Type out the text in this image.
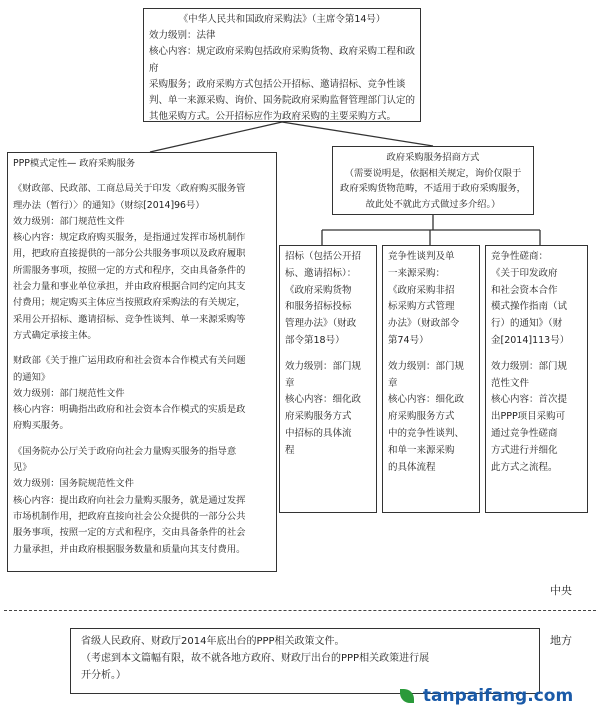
《中华人民共和国政府采购法》（主席令第14号）
效力级别：法律
核心内容：规定政府采购包括政府采购货物、政府采购工程和政府
采购服务；政府采购方式包括公开招标、邀请招标、竞争性谈
判、单一来源采购、询价、国务院政府采购监督管理部门认定的
其他采购方式。公开招标应作为政府采购的主要采购方式。
PPP模式定性— 政府采购服务
《财政部、民政部、工商总局关于印发〈政府购买服务管
理办法（暂行）〉的通知》（财综[2014]96号）
效力级别：部门规范性文件
核心内容：规定政府购买服务，是指通过发挥市场机制作
用，把政府直接提供的一部分公共服务事项以及政府履职
所需服务事项，按照一定的方式和程序，交由具备条件的
社会力量和事业单位承担，并由政府根据合同约定向其支
付费用；规定购买主体应当按照政府采购法的有关规定，
采用公开招标、邀请招标、竞争性谈判、单一来源采购等
方式确定承接主体。
财政部《关于推广运用政府和社会资本合作模式有关问题
的通知》
效力级别：部门规范性文件
核心内容：明确指出政府和社会资本合作模式的实质是政
府购买服务。
《国务院办公厅关于政府向社会力量购买服务的指导意
见》
效力级别：国务院规范性文件
核心内容：提出政府向社会力量购买服务，就是通过发挥
市场机制作用，把政府直接向社会公众提供的一部分公共
服务事项，按照一定的方式和程序，交由具备条件的社会
力量承担，并由政府根据服务数量和质量向其支付费用。
政府采购服务招商方式
（需要说明是，依据相关规定，询价仅限于
政府采购货物范畴，不适用于政府采购服务，
故此处不就此方式做过多介绍。）
招标（包括公开招
标、邀请招标）：
《政府采购货物
和服务招标投标
管理办法》（财政
部令第18号）
效力级别：部门规
章
核心内容：细化政
府采购服务方式
中招标的具体流
程
竞争性谈判及单
一来源采购：
《政府采购非招
标采购方式管理
办法》（财政部令
第74号）
效力级别：部门规
章
核心内容：细化政
府采购服务方式
中的竞争性谈判、
和单一来源采购
的具体流程
竞争性磋商：
《关于印发政府
和社会资本合作
模式操作指南（试
行）的通知》（财
金[2014]113号）
效力级别：部门规
范性文件
核心内容：首次提
出PPP项目采购可
通过竞争性磋商
方式进行并细化
此方式之流程。
中央
地方
省级人民政府、财政厅2014年底出台的PPP相关政策文件。
（考虑到本文篇幅有限，故不就各地方政府、财政厅出台的PPP相关政策进行展
开分析。）
tanpaifang.com
